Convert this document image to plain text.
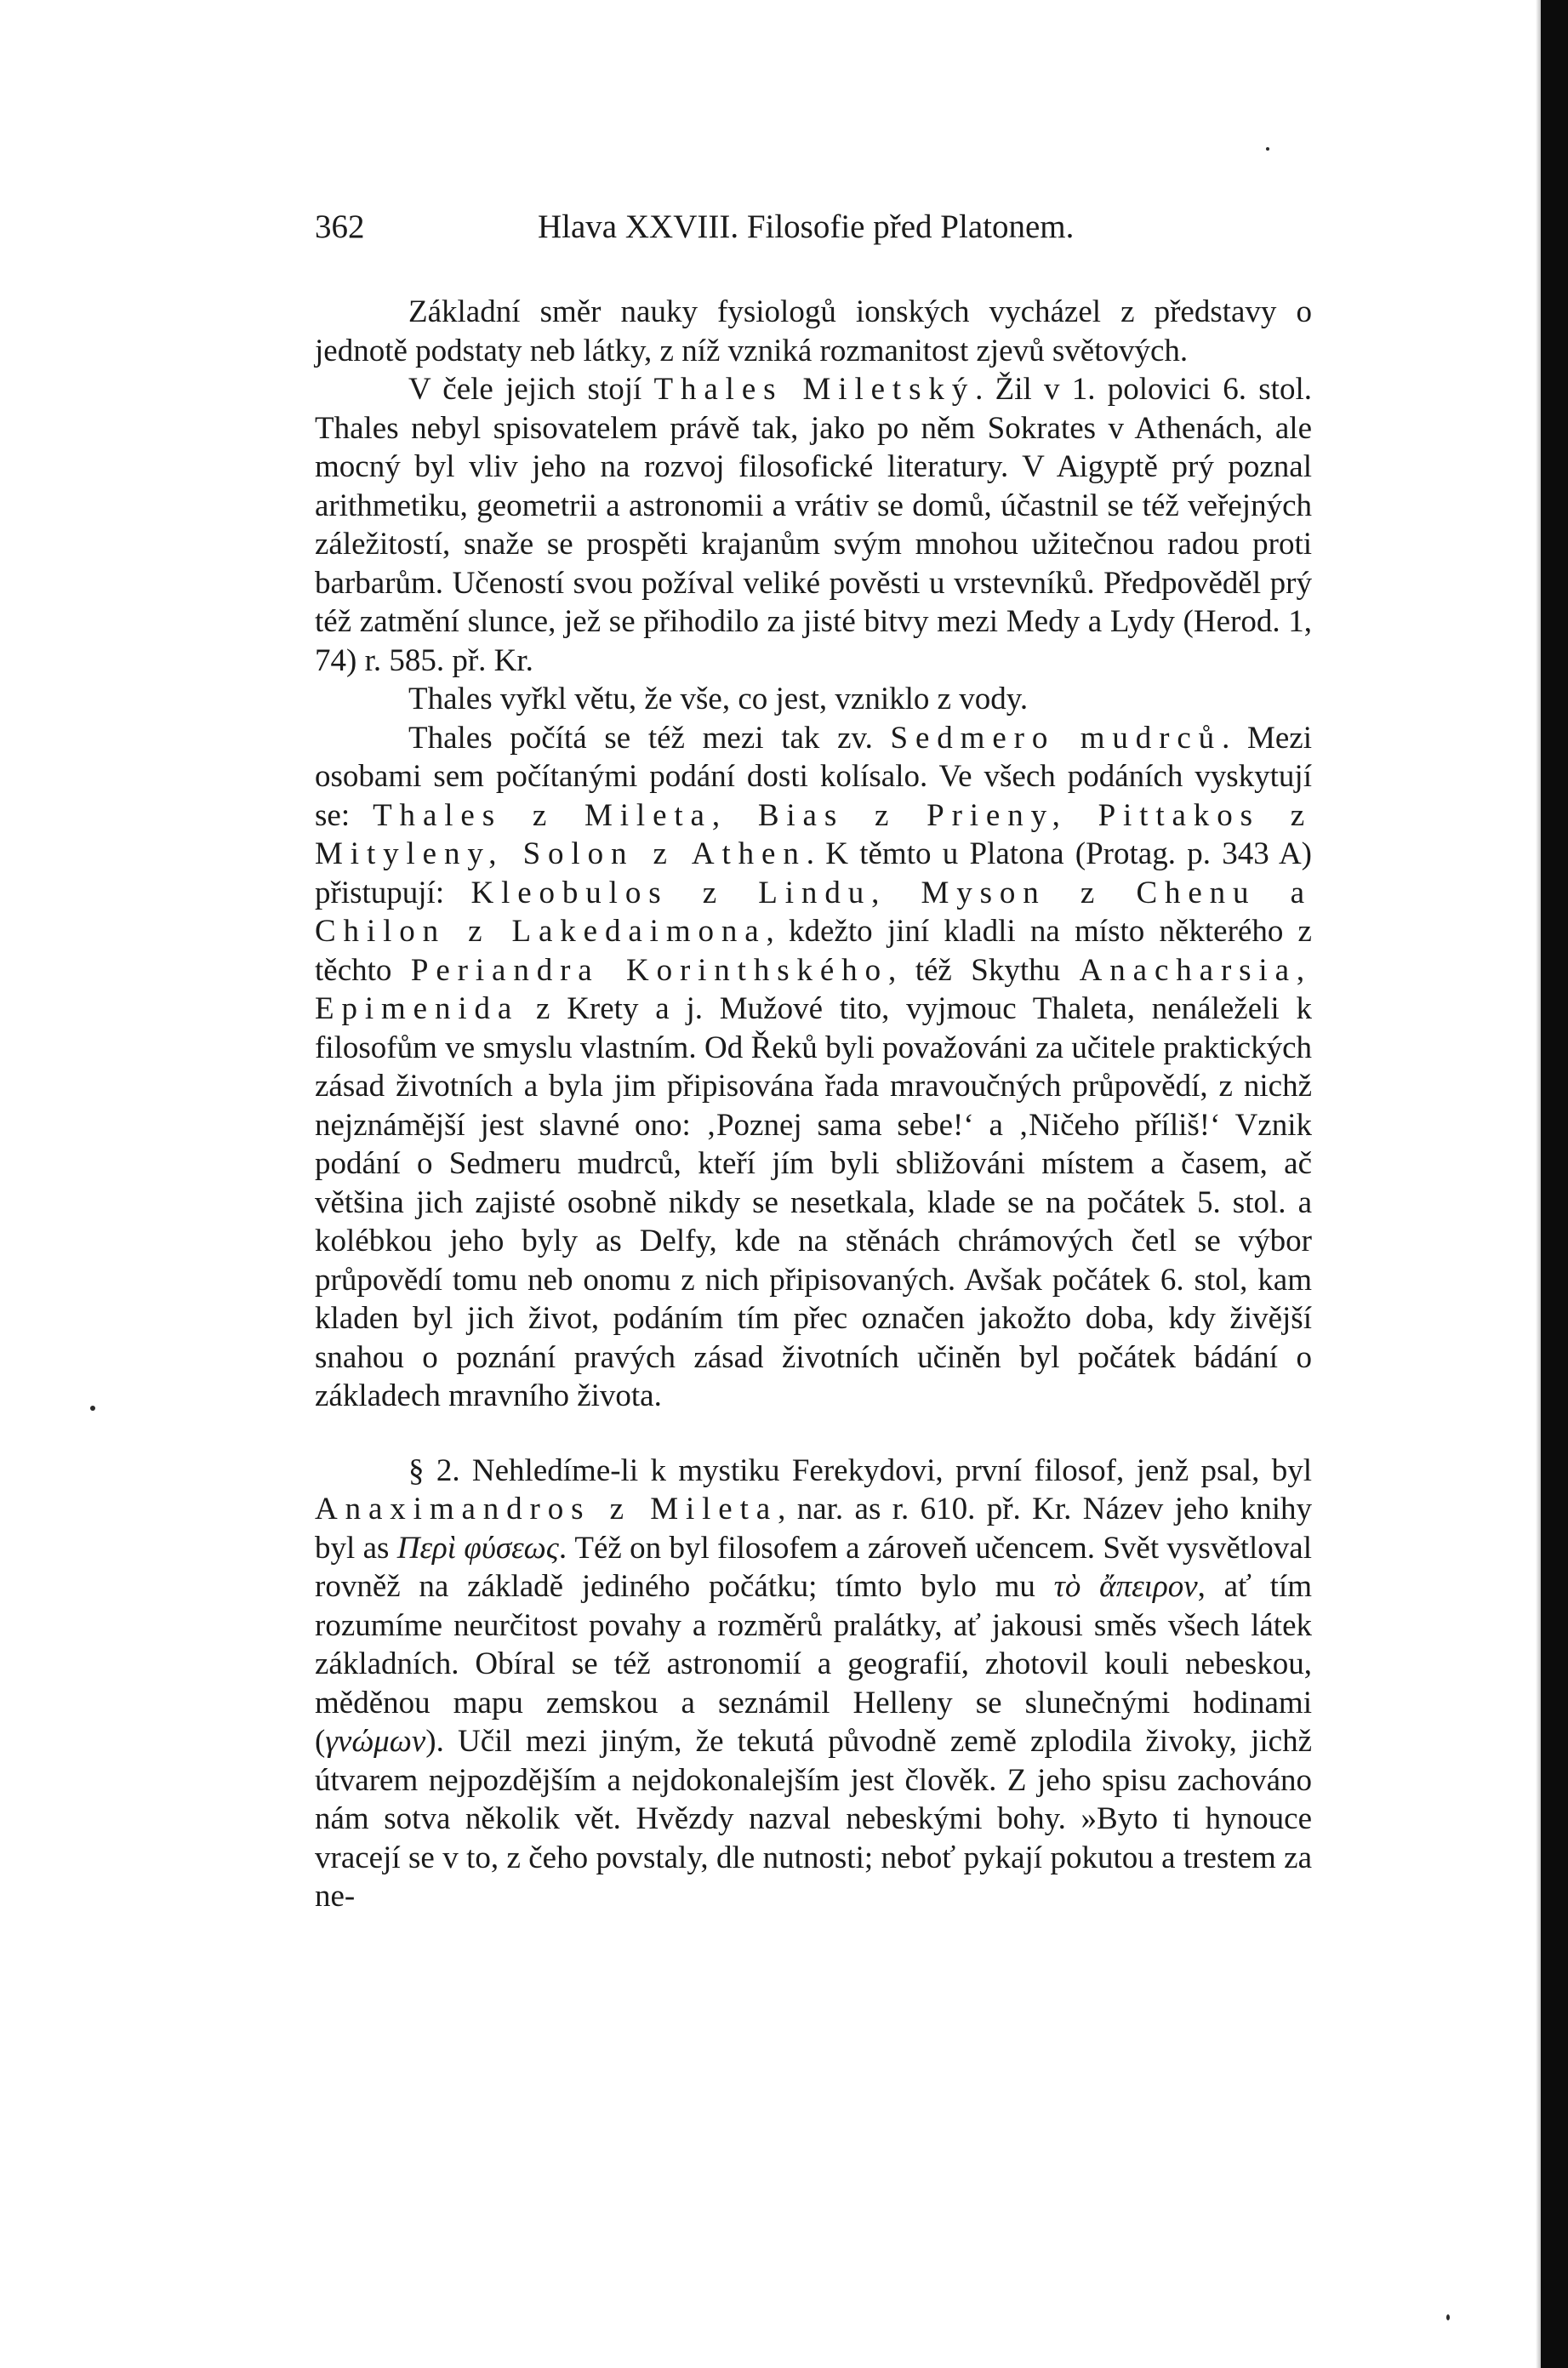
362	Hlava XXVIII. Filosofie před Platonem.

Základní směr nauky fysiologů ionských vycházel z představy o jednotě podstaty neb látky, z níž vzniká rozmanitost zjevů světových.

V čele jejich stojí Thales Miletský. Žil v 1. polovici 6. stol. Thales nebyl spisovatelem právě tak, jako po něm Sokrates v Athenách, ale mocný byl vliv jeho na rozvoj filosofické literatury. V Aigyptě prý poznal arithmetiku, geometrii a astronomii a vrátiv se domů, účastnil se též veřejných záležitostí, snaže se prospěti krajanům svým mnohou užitečnou radou proti barbarům. Učeností svou požíval veliké pověsti u vrstevníků. Předpověděl prý též zatmění slunce, jež se přihodilo za jisté bitvy mezi Medy a Lydy (Herod. 1, 74) r. 585. př. Kr.

Thales vyřkl větu, že vše, co jest, vzniklo z vody.

Thales počítá se též mezi tak zv. Sedmero mudrců. Mezi osobami sem počítanými podání dosti kolísalo. Ve všech podáních vyskytují se: Thales z Mileta, Bias z Prieny, Pittakos z Mityleny, Solon z Athen. K těmto u Platona (Protag. p. 343 A) přistupují: Kleobulos z Lindu, Myson z Chenu a Chilon z Lakedaimona, kdežto jiní kladli na místo některého z těchto Periandra Korinthského, též Skythu Anacharsia, Epimenida z Krety a j. Mužové tito, vyjmouc Thaleta, nenáleželi k filosofům ve smyslu vlastním. Od Řeků byli považováni za učitele praktických zásad životních a byla jim připisována řada mravoučných průpovědí, z nichž nejznámější jest slavné ono: ‚Poznej sama sebe!‘ a ‚Ničeho příliš!‘ Vznik podání o Sedmeru mudrců, kteří jím byli sbližováni místem a časem, ač většina jich zajisté osobně nikdy se nesetkala, klade se na počátek 5. stol. a kolébkou jeho byly as Delfy, kde na stěnách chrámových četl se výbor průpovědí tomu neb onomu z nich připisovaných. Avšak počátek 6. stol, kam kladen byl jich život, podáním tím přec označen jakožto doba, kdy živější snahou o poznání pravých zásad životních učiněn byl počátek bádání o základech mravního života.

§ 2. Nehledíme-li k mystiku Ferekydovi, první filosof, jenž psal, byl Anaximandros z Mileta, nar. as r. 610. př. Kr. Název jeho knihy byl as Περὶ φύσεως. Též on byl filosofem a zároveň učencem. Svět vysvětloval rovněž na základě jediného počátku; tímto bylo mu τὸ ἄπειρον, ať tím rozumíme neurčitost povahy a rozměrů pralátky, ať jakousi směs všech látek základních. Obíral se též astronomií a geografií, zhotovil kouli nebeskou, měděnou mapu zemskou a seznámil Helleny se slunečnými hodinami (γνώμων). Učil mezi jiným, že tekutá původně země zplodila živoky, jichž útvarem nejpozdějším a nejdokonalejším jest člověk. Z jeho spisu zachováno nám sotva několik vět. Hvězdy nazval nebeskými bohy. »Byto ti hynouce vracejí se v to, z čeho povstaly, dle nutnosti; neboť pykají pokutou a trestem za ne-
